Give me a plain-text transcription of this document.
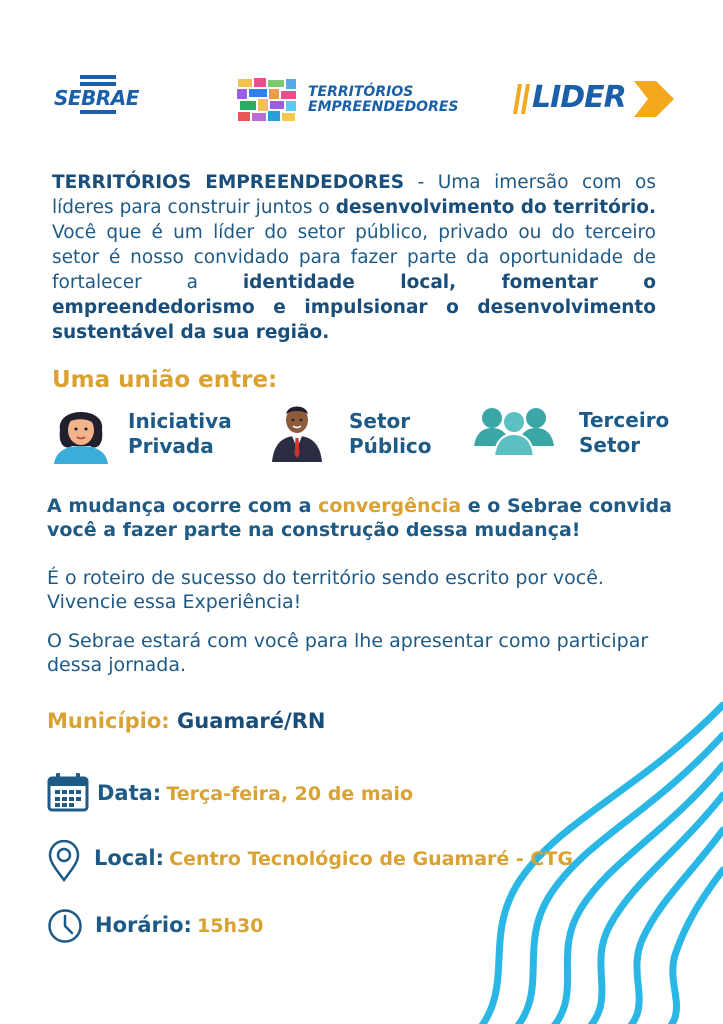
SEBRAE	TERRITÓRIOS
EMPREENDEDORES LIDER
TERRITÓRIOS EMPREENDEDORES - Uma imersão com os líderes para construir juntos o desenvolvimento do território. Você que é um líder do setor público, privado ou do terceiro setor é nosso convidado para fazer parte da oportunidade de fortalecer a identidade local, fomentar o empreendedorismo e impulsionar o desenvolvimento sustentável da sua região.
Uma união entre:
Iniciativa
Privada
Setor
Público
Terceiro
Setor
A mudança ocorre com a convergência e o Sebrae convida você a fazer parte na construção dessa mudança!
É o roteiro de sucesso do território sendo escrito por você. Vivencie essa Experiência!
O Sebrae estará com você para lhe apresentar como participar dessa jornada.
Município: Guamaré/RN
Data: Terça-feira, 20 de maio
Local: Centro Tecnológico de Guamaré - CTG
Horário: 15h30
